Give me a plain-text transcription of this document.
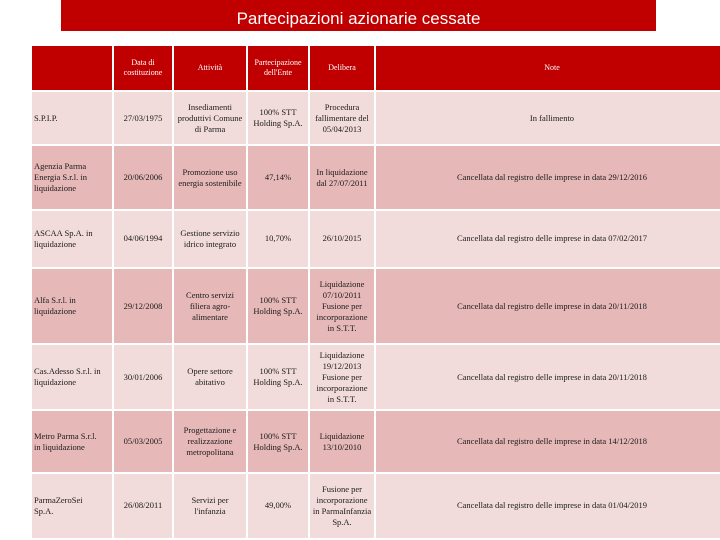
Partecipazioni azionarie cessate
	Data di
costituzione	Attività	Partecipazione
dell'Ente	Delibera	Note
S.P.I.P.	27/03/1975	Insediamenti
produttivi Comune
di Parma	100% STT
Holding Sp.A.	Procedura
fallimentare del
05/04/2013	In fallimento
Agenzia Parma
Energia S.r.l. in
liquidazione	20/06/2006	Promozione uso
energia sostenibile	47,14%	In liquidazione
dal 27/07/2011	Cancellata dal registro delle imprese in data 29/12/2016
ASCAA Sp.A. in
liquidazione	04/06/1994	Gestione servizio
idrico integrato	10,70%	26/10/2015	Cancellata dal registro delle imprese in data 07/02/2017
Alfa S.r.l. in
liquidazione	29/12/2008	Centro servizi
filiera agro-
alimentare	100% STT
Holding Sp.A.	Liquidazione
07/10/2011
Fusione per
incorporazione
in S.T.T.	Cancellata dal registro delle imprese in data 20/11/2018
Cas.Adesso S.r.l. in
liquidazione	30/01/2006	Opere settore
abitativo	100% STT
Holding Sp.A.	Liquidazione
19/12/2013
Fusione per
incorporazione
in S.T.T.	Cancellata dal registro delle imprese in data 20/11/2018
Metro Parma S.r.l.
in liquidazione	05/03/2005	Progettazione e
realizzazione
metropolitana	100% STT
Holding Sp.A.	Liquidazione
13/10/2010	Cancellata dal registro delle imprese in data 14/12/2018
ParmaZeroSei
Sp.A.	26/08/2011	Servizi per
l'infanzia	49,00%	Fusione per
incorporazione
in ParmaInfanzia
Sp.A.	Cancellata dal registro delle imprese in data 01/04/2019
